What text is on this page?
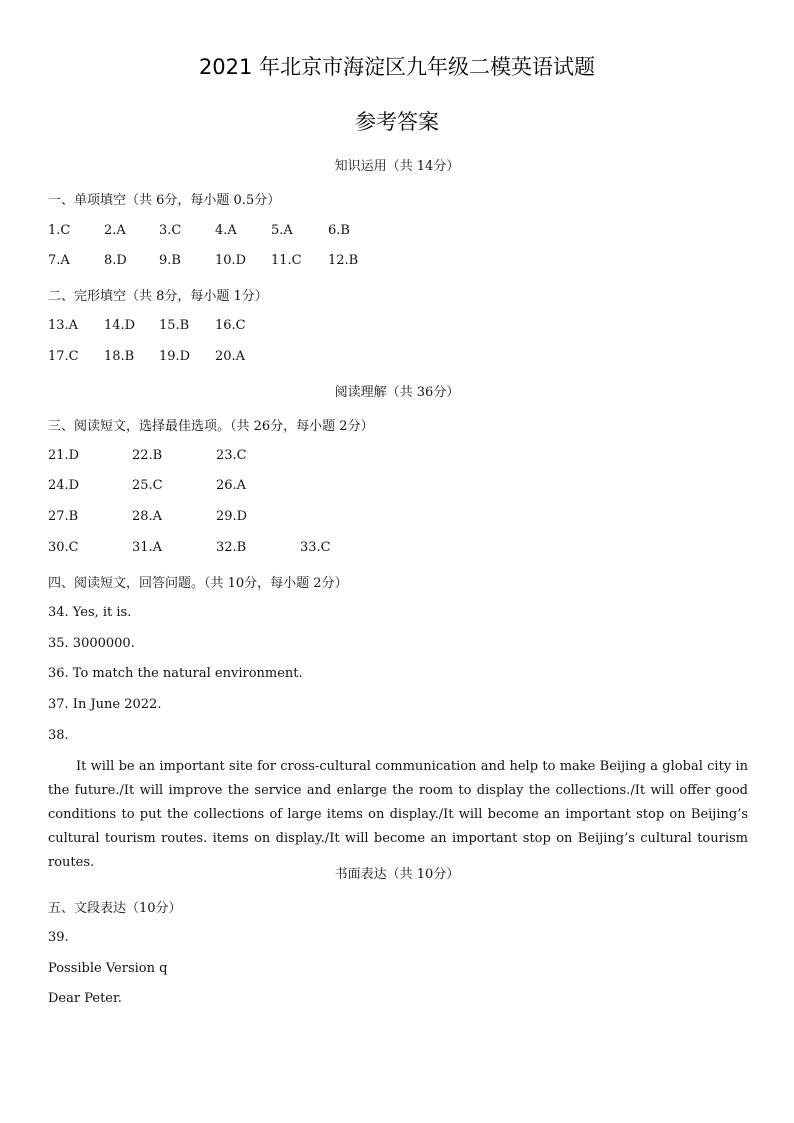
2021 年北京市海淀区九年级二模英语试题
参考答案
知识运用（共 14分）
一、单项填空（共 6分，每小题 0.5分）
1.C	2.A	3.C	4.A	5.A	6.B
7.A	8.D 9.B	10.D 11.C 12.B
二、完形填空（共 8分，每小题 1分）
13.A 14.D 15.B 16.C
17.C 18.B 19.D 20.A
阅读理解（共 36分）
三、阅读短文，选择最佳选项。（共 26分，每小题 2分）
21.D	22.B	23.C
24.D	25.C	26.A
27.B	28.A	29.D
30.C	31.A	32.B	33.C
四、阅读短文，回答问题。（共 10分，每小题 2分）
34. Yes, it is.
35. 3000000.
36. To match the natural environment.
37. In June 2022.
38.
It will be an important site for cross-cultural communication and help to make Beijing a global city in the future./It will improve the service and enlarge the room to display the collections./It will offer good conditions to put the collections of large items on display./It will become an important stop on Beijing’s cultural tourism routes. items on display./It will become an important stop on Beijing’s cultural tourism routes.
书面表达（共 10分）
五、文段表达（10分）
39.
Possible Version q
Dear Peter.
